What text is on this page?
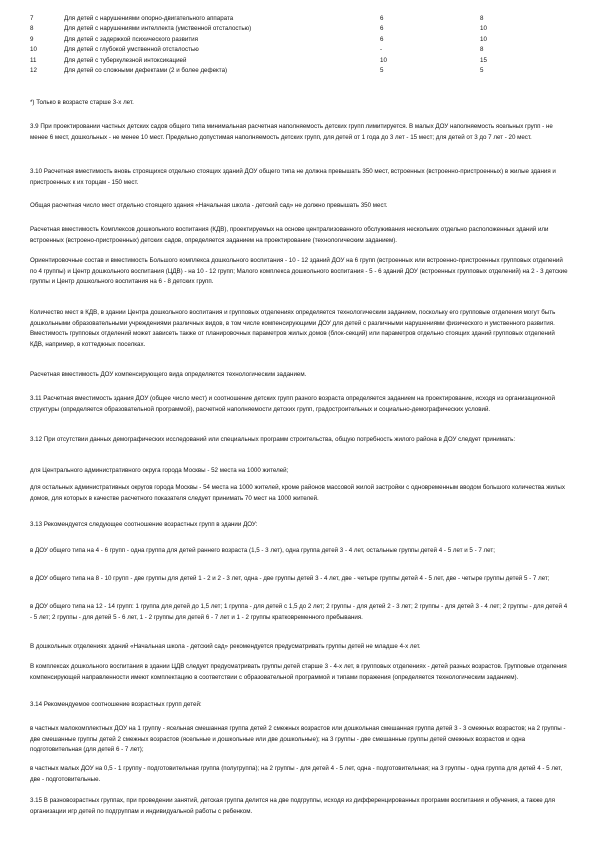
7	Для детей с нарушениями опорно-двигательного аппарата	6	8
8	Для детей с нарушениями интеллекта (умственной отсталостью)	6	10
9	Для детей с задержкой психического развития	6	10
10	Для детей с глубокой умственной отсталостью	-	8
11	Для детей с туберкулезной интоксикацией	10	15
12	Для детей со сложными дефектами (2 и более дефекта)	5	5

*) Только в возрасте старше 3-х лет.

3.9 При проектировании частных детских садов общего типа минимальная расчетная наполняемость детских групп лимитируется. В малых ДОУ наполняемость ясельных групп - не менее 6 мест, дошкольных - не менее 10 мест. Предельно допустимая наполняемость детских групп, для детей от 1 года до 3 лет - 15 мест; для детей от 3 до 7 лет - 20 мест.

3.10 Расчетная вместимость вновь строящихся отдельно стоящих зданий ДОУ общего типа не должна превышать 350 мест, встроенных (встроенно-пристроенных) в жилые здания и пристроенных к их торцам - 150 мест.

Общая расчетная число мест отдельно стоящего здания «Начальная школа - детский сад» не должно превышать 350 мест.

Расчетная вместимость Комплексов дошкольного воспитания (КДВ), проектируемых на основе централизованного обслуживания нескольких отдельно расположенных зданий или встроенных (встроено-пристроенных) детских садов, определяется заданием на проектирование (технологическим заданием).

Ориентировочные состав и вместимость Большого комплекса дошкольного воспитания - 10 - 12 зданий ДОУ на 6 групп (встроенных или встроенно-пристроенных групповых отделений по 4 группы) и Центр дошкольного воспитания (ЦДВ) - на 10 - 12 групп; Малого комплекса дошкольного воспитания - 5 - 6 зданий ДОУ (встроенных групповых отделений) на 2 - 3 детские группы и Центр дошкольного воспитания на 6 - 8 детских групп.

Количество мест в КДВ, в здании Центра дошкольного воспитания и групповых отделениях определяется технологическим заданием, поскольку его групповые отделения могут быть дошкольными образовательными учреждениями различных видов, в том числе компенсирующими ДОУ для детей с различными нарушениями физического и умственного развития. Вместимость групповых отделений может зависеть также от планировочных параметров жилых домов (блок-секций) или параметров отдельно стоящих зданий групповых отделений КДВ, например, в коттеджных поселках.

Расчетная вместимость ДОУ компенсирующего вида определяется технологическим заданием.

3.11 Расчетная вместимость здания ДОУ (общее число мест) и соотношение детских групп разного возраста определяется заданием на проектирование, исходя из организационной структуры (определяется образовательной программой), расчетной наполняемости детских групп, градостроительных и социально-демографических условий.

3.12 При отсутствии данных демографических исследований или специальных программ строительства, общую потребность жилого района в ДОУ следует принимать:

для Центрального административного округа города Москвы - 52 места на 1000 жителей;

для остальных административных округов города Москвы - 54 места на 1000 жителей, кроме районов массовой жилой застройки с одновременным вводом большого количества жилых домов, для которых в качестве расчетного показателя следует принимать 70 мест на 1000 жителей.

3.13 Рекомендуется следующее соотношение возрастных групп в здании ДОУ:

в ДОУ общего типа на 4 - 6 групп - одна группа для детей раннего возраста (1,5 - 3 лет), одна группа детей 3 - 4 лет, остальные группы детей 4 - 5 лет и 5 - 7 лет;

в ДОУ общего типа на 8 - 10 групп - две группы для детей 1 - 2 и 2 - 3 лет, одна - две группы детей 3 - 4 лет, две - четыре группы детей 4 - 5 лет, две - четыре группы детей 5 - 7 лет;

в ДОУ общего типа на 12 - 14 групп: 1 группа для детей до 1,5 лет; 1 группа - для детей с 1,5 до 2 лет; 2 группы - для детей 2 - 3 лет; 2 группы - для детей 3 - 4 лет; 2 группы - для детей 4 - 5 лет; 2 группы - для детей 5 - 6 лет, 1 - 2 группы для детей 6 - 7 лет и 1 - 2 группы кратковременного пребывания.

В дошкольных отделениях зданий «Начальная школа - детский сад» рекомендуется предусматривать группы детей не младше 4-х лет.

В комплексах дошкольного воспитания в здании ЦДВ следует предусматривать группы детей старше 3 - 4-х лет, в групповых отделениях - детей разных возрастов. Групповые отделения компенсирующей направленности имеют комплектацию в соответствии с образовательной программой и типами поражения (определяется технологическим заданием).

3.14 Рекомендуемое соотношение возрастных групп детей:

в частных малокомплектных ДОУ на 1 группу - ясельная смешанная группа детей 2 смежных возрастов или дошкольная смешанная группа детей 3 - 3 смежных возрастов; на 2 группы - две смешанные группы детей 2 смежных возрастов (ясельные и дошкольные или две дошкольные); на 3 группы - две смешанные группы детей смежных возрастов и одна подготовительная (для детей 6 - 7 лет);

в частных малых ДОУ на 0,5 - 1 группу - подготовительная группа (полугруппа); на 2 группы - для детей 4 - 5 лет, одна - подготовительная; на 3 группы - одна группа для детей 4 - 5 лет, две - подготовительные.

3.15 В разновозрастных группах, при проведении занятий, детская группа делится на две подгруппы, исходя из дифференцированных программ воспитания и обучения, а также для организации игр детей по подгруппам и индивидуальной работы с ребенком.
